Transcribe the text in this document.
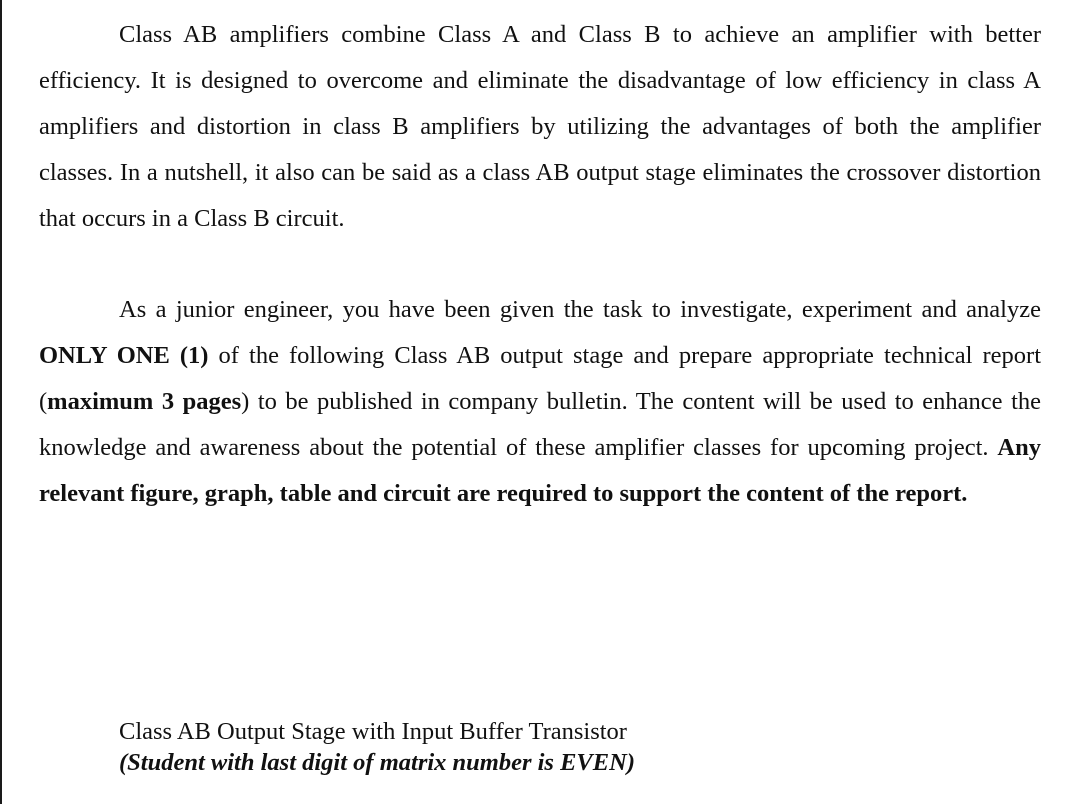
Class AB amplifiers combine Class A and Class B to achieve an amplifier with better efficiency. It is designed to overcome and eliminate the disadvantage of low efficiency in class A amplifiers and distortion in class B amplifiers by utilizing the advantages of both the amplifier classes. In a nutshell, it also can be said as a class AB output stage eliminates the crossover distortion that occurs in a Class B circuit.

As a junior engineer, you have been given the task to investigate, experiment and analyze ONLY ONE (1) of the following Class AB output stage and prepare appropriate technical report (maximum 3 pages) to be published in company bulletin. The content will be used to enhance the knowledge and awareness about the potential of these amplifier classes for upcoming project. Any relevant figure, graph, table and circuit are required to support the content of the report.

Class AB Output Stage with Input Buffer Transistor
(Student with last digit of matrix number is EVEN)
